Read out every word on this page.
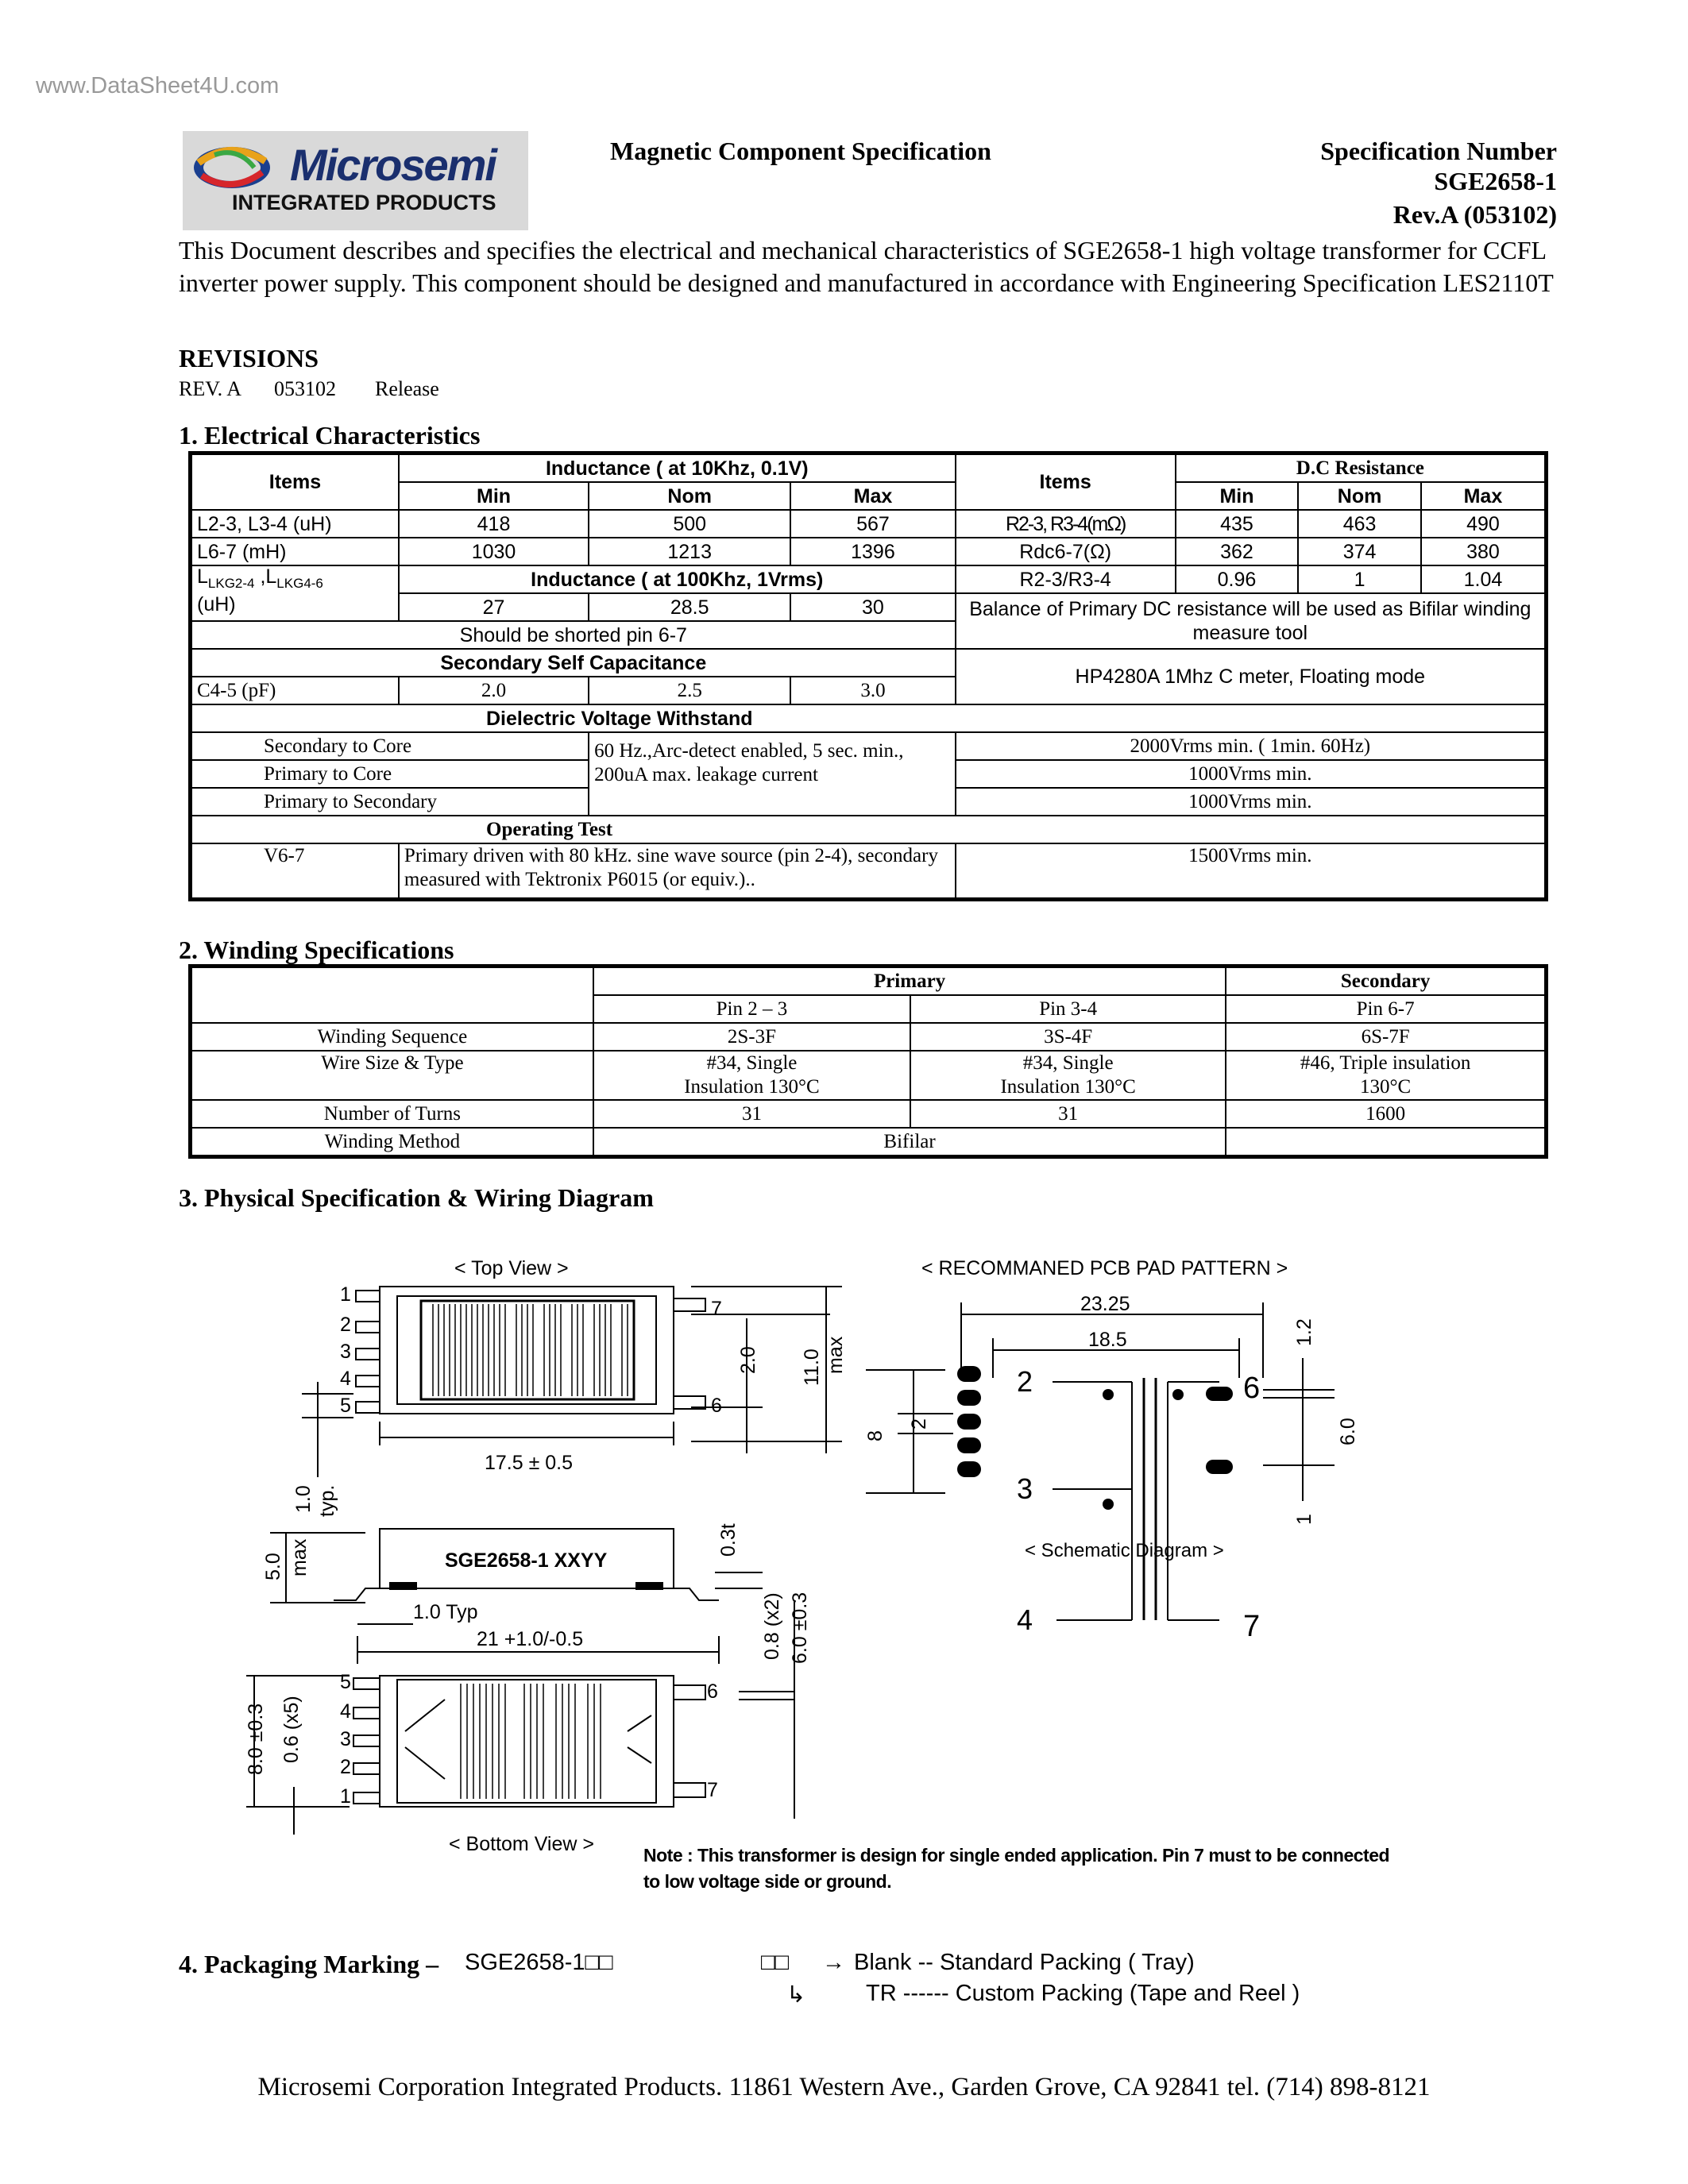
www.DataSheet4U.com
Microsemi
INTEGRATED PRODUCTS
Magnetic Component Specification	Specification Number
SGE2658-1
Rev.A (053102)
This Document describes and specifies the electrical and mechanical characteristics of SGE2658-1 high voltage transformer for CCFL inverter power supply. This component should be designed and manufactured in accordance with Engineering Specification LES2110T
REVISIONS
REV. A 053102 Release
1. Electrical Characteristics
Items	Inductance ( at 10Khz, 0.1V)			Items	D.C Resistance		
	Min	Nom	Max		Min	Nom	Max
L2-3, L3-4 (uH)	418	500	567	R2-3, R3-4(mΩ)	435	463	490
L6-7 (mH)	1030	1213	1396	Rdc6-7(Ω)	362	374	380
$L_{LKG2-4}$ $,L_{LKG4-6}$
(uH)	Inductance ( at 100Khz, 1Vrms)			R2-3/R3-4	0.96	1	1.04
	27	28.5	30	Balance of Primary DC resistance will be used as Bifilar winding measure tool			
Should be shorted pin 6-7							
Secondary Self Capacitance				HP4280A 1Mhz C meter, Floating mode			
C4-5 (pF)	2.0	2.5	3.0				
Dielectric Voltage Withstand							
Secondary to Core		60 Hz.,Arc-detect enabled, 5 sec. min., 200uA max. leakage current		2000Vrms min. ( 1min. 60Hz)			
Primary to Core				1000Vrms min.			
Primary to Secondary				1000Vrms min.			
Operating Test							
V6-7	Primary driven with 80 kHz. sine wave source (pin 2-4), secondary measured with Tektronix P6015 (or equiv.)..			1500Vrms min.			
2. Winding Specifications
	Primary		Secondary
	Pin 2 – 3	Pin 3-4	Pin 6-7
Winding Sequence	2S-3F	3S-4F	6S-7F
Wire Size & Type	#34, Single Insulation 130°C	#34, Single Insulation 130°C	#46, Triple insulation 130°C
Number of Turns	31	31	1600
Winding Method	Bifilar		
3. Physical Specification & Wiring Diagram
< Top View >
< Bottom View >
< RECOMMANED PCB PAD PATTERN >
< Schematic Diagram >
SGE2658-1 XXYY
1
2
3
4
5
7
6
5
4
3
2
1
6
7
17.5 ± 0.5
23.25
18.5
1.0 Typ
21 +1.0/-0.5
2.0 11.0 max
1.0 typ.
5.0 max	0.3t
0.8 (x2) 6.0 ±0.3
8.0 ±0.3 0.6 (x5)
8
2
1.2
6.0
1
2
3
4
6
7
Note : This transformer is design for single ended application. Pin 7 must to be connected to low voltage side or ground.
4. Packaging Marking – SGE2658-1□□	□□ → Blank -- Standard Packing ( Tray)
↳	TR ------ Custom Packing (Tape and Reel )
Microsemi Corporation Integrated Products. 11861 Western Ave., Garden Grove, CA 92841 tel. (714) 898-8121
